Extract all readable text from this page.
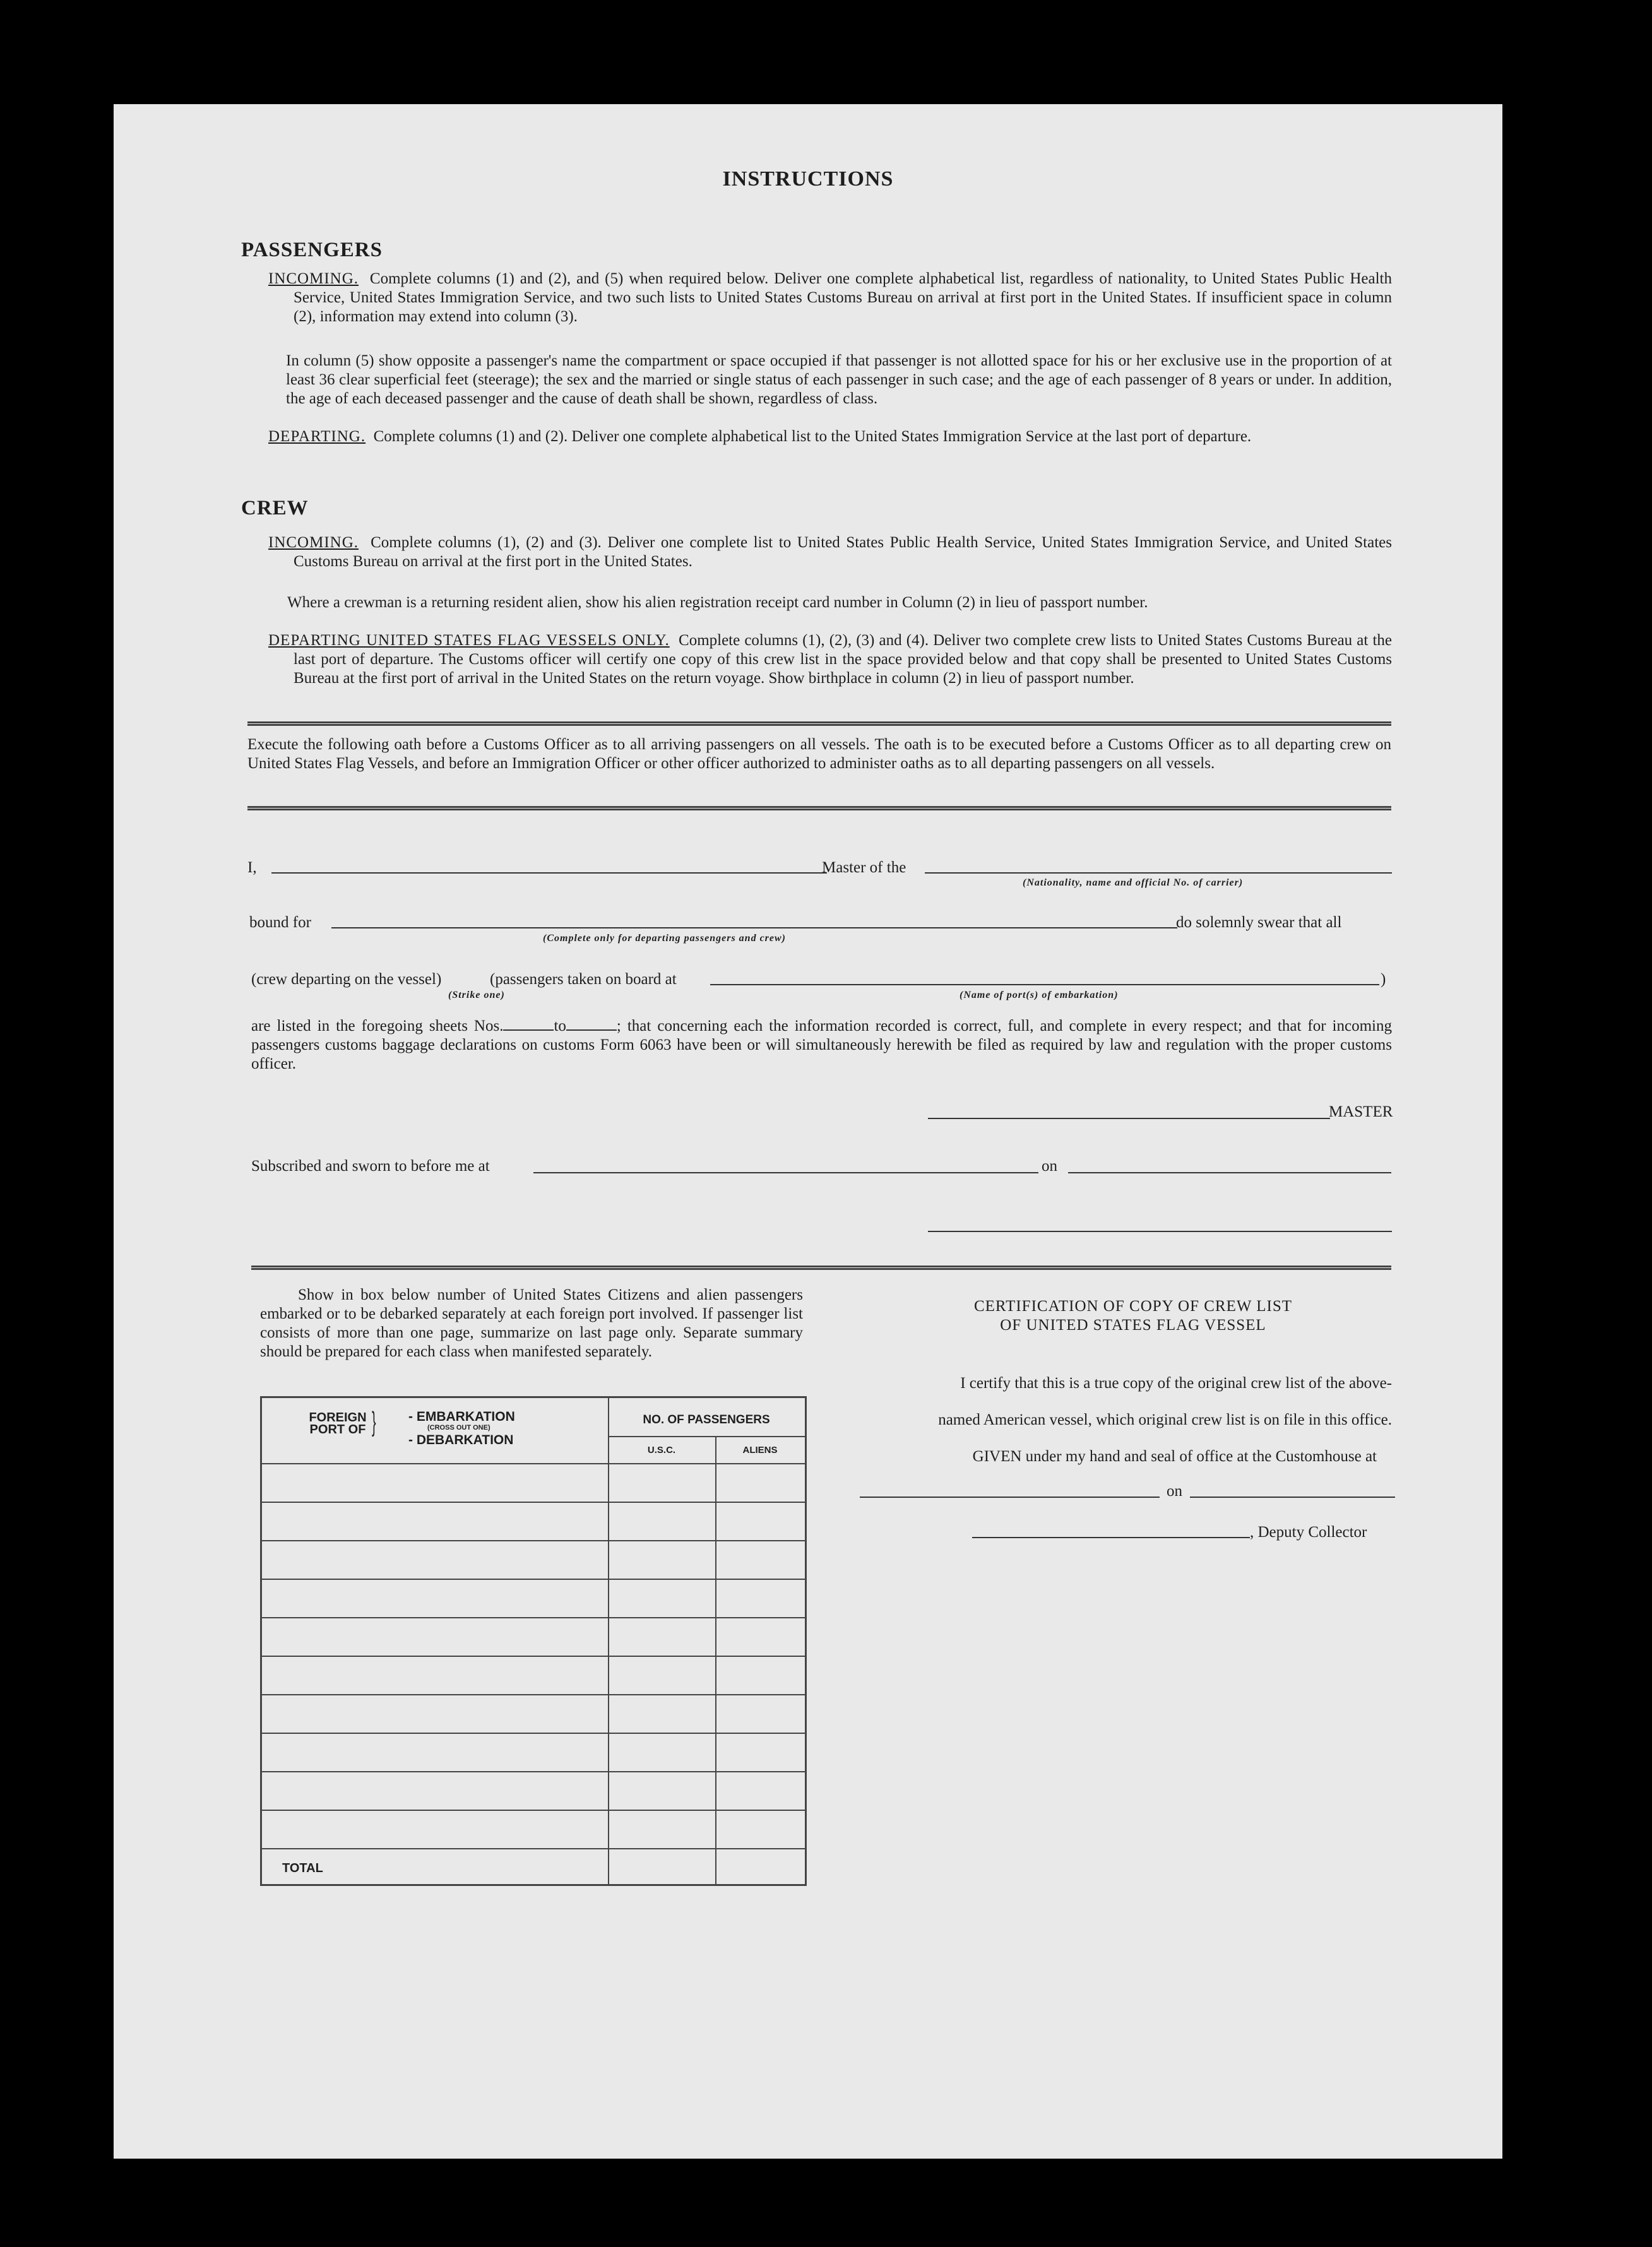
INSTRUCTIONS
PASSENGERS
INCOMING. Complete columns (1) and (2), and (5) when required below. Deliver one complete alphabetical list, regardless of nationality, to United States Public Health Service, United States Immigration Service, and two such lists to United States Customs Bureau on arrival at first port in the United States. If insufficient space in column (2), information may extend into column (3).
In column (5) show opposite a passenger's name the compartment or space occupied if that passenger is not allotted space for his or her exclusive use in the proportion of at least 36 clear superficial feet (steerage); the sex and the married or single status of each passenger in such case; and the age of each passenger of 8 years or under. In addition, the age of each deceased passenger and the cause of death shall be shown, regardless of class.
DEPARTING. Complete columns (1) and (2). Deliver one complete alphabetical list to the United States Immigration Service at the last port of departure.
CREW
INCOMING. Complete columns (1), (2) and (3). Deliver one complete list to United States Public Health Service, United States Immigration Service, and United States Customs Bureau on arrival at the first port in the United States.
Where a crewman is a returning resident alien, show his alien registration receipt card number in Column (2) in lieu of passport number.
DEPARTING UNITED STATES FLAG VESSELS ONLY. Complete columns (1), (2), (3) and (4). Deliver two complete crew lists to United States Customs Bureau at the last port of departure. The Customs officer will certify one copy of this crew list in the space provided below and that copy shall be presented to United States Customs Bureau at the first port of arrival in the United States on the return voyage. Show birthplace in column (2) in lieu of passport number.
Execute the following oath before a Customs Officer as to all arriving passengers on all vessels. The oath is to be executed before a Customs Officer as to all departing crew on United States Flag Vessels, and before an Immigration Officer or other officer authorized to administer oaths as to all departing passengers on all vessels.
I,	Master of the
(Nationality, name and official No. of carrier)
bound for
(Complete only for departing passengers and crew)
do solemnly swear that all
(crew departing on the vessel)	(passengers taken on board at	)
(Strike one)	(Name of port(s) of embarkation)
are listed in the foregoing sheets Nos.	to	; that concerning each the information recorded is correct, full, and complete in every respect; and that for incoming passengers customs baggage declarations on customs Form 6063 have been or will simultaneously herewith be filed as required by law and regulation with the proper customs officer.
MASTER
Subscribed and sworn to before me at	on
Show in box below number of United States Citizens and alien passengers embarked or to be debarked separately at each foreign port involved. If passenger list consists of more than one page, summarize on last page only. Separate summary should be prepared for each class when manifested separately.
FOREIGN PORT OF } - EMBARKATION
(CROSS OUT ONE)
- DEBARKATION
NO. OF PASSENGERS
U.S.C.	ALIENS
TOTAL
CERTIFICATION OF COPY OF CREW LIST
OF UNITED STATES FLAG VESSEL
I certify that this is a true copy of the original crew list of the above-
named American vessel, which original crew list is on file in this office.
GIVEN under my hand and seal of office at the Customhouse at
on
, Deputy Collector
